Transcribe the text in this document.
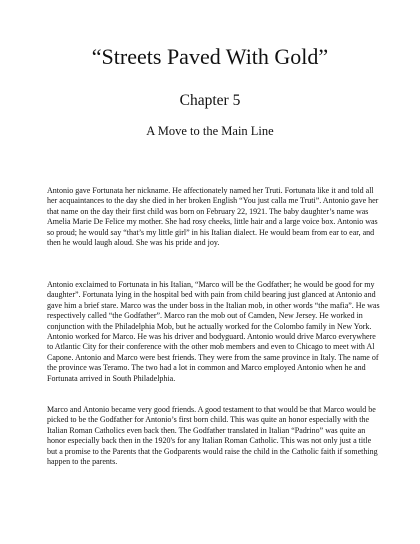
“Streets Paved With Gold”
Chapter 5
A Move to the Main Line

Antonio gave Fortunata her nickname. He affectionately named her Truti. Fortunata like it and told all her acquaintances to the day she died in her broken English “You just calla me Truti”. Antonio gave her that name on the day their first child was born on February 22, 1921. The baby daughter’s name was Amelia Marie De Felice my mother. She had rosy cheeks, little hair and a large voice box. Antonio was so proud; he would say “that’s my little girl” in his Italian dialect. He would beam from ear to ear, and then he would laugh aloud. She was his pride and joy.

Antonio exclaimed to Fortunata in his Italian, “Marco will be the Godfather; he would be good for my daughter”. Fortunata lying in the hospital bed with pain from child bearing just glanced at Antonio and gave him a brief stare. Marco was the under boss in the Italian mob, in other words “the mafia”. He was respectively called “the Godfather”. Marco ran the mob out of Camden, New Jersey. He worked in conjunction with the Philadelphia Mob, but he actually worked for the Colombo family in New York. Antonio worked for Marco. He was his driver and bodyguard. Antonio would drive Marco everywhere to Atlantic City for their conference with the other mob members and even to Chicago to meet with Al Capone. Antonio and Marco were best friends. They were from the same province in Italy. The name of the province was Teramo. The two had a lot in common and Marco employed Antonio when he and Fortunata arrived in South Philadelphia.

Marco and Antonio became very good friends. A good testament to that would be that Marco would be picked to be the Godfather for Antonio’s first born child. This was quite an honor especially with the Italian Roman Catholics even back then. The Godfather translated in Italian “Padrino” was quite an honor especially back then in the 1920's for any Italian Roman Catholic. This was not only just a title but a promise to the Parents that the Godparents would raise the child in the Catholic faith if something happen to the parents.
